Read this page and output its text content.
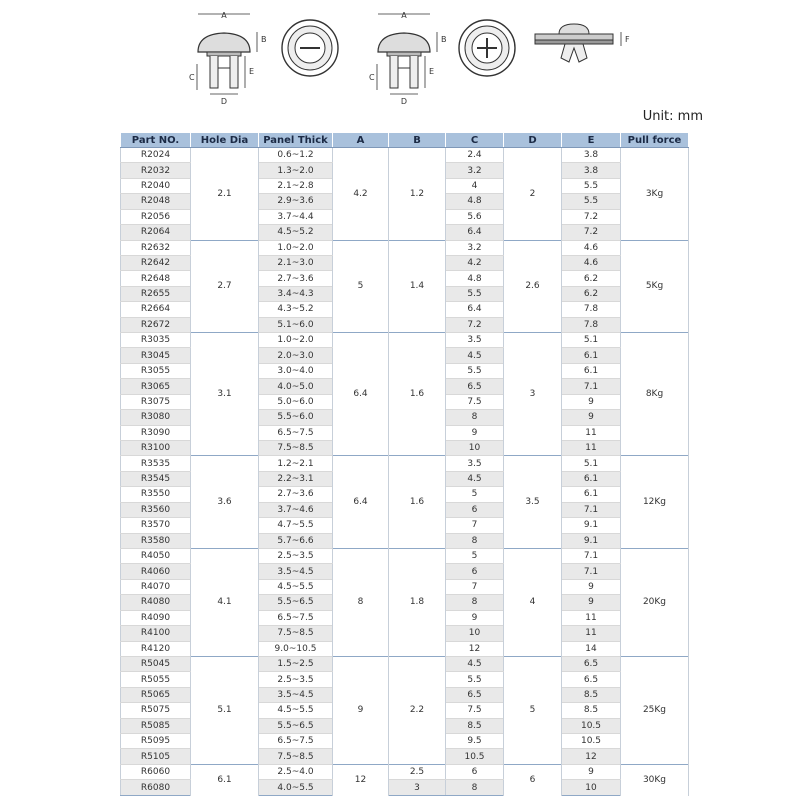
A
B
E
C
D
A
B
E
C
D
F
Unit: mm
Part NO.	Hole Dia	Panel Thick	A	B	C	D	E	Pull force
R2024	2.1	0.6~1.2	4.2	1.2	2.4	2	3.8	3Kg
R2032		1.3~2.0			3.2		3.8	
R2040		2.1~2.8			4		5.5	
R2048		2.9~3.6			4.8		5.5	
R2056		3.7~4.4			5.6		7.2	
R2064		4.5~5.2			6.4		7.2	
R2632	2.7	1.0~2.0	5	1.4	3.2	2.6	4.6	5Kg
R2642		2.1~3.0			4.2		4.6	
R2648		2.7~3.6			4.8		6.2	
R2655		3.4~4.3			5.5		6.2	
R2664		4.3~5.2			6.4		7.8	
R2672		5.1~6.0			7.2		7.8	
R3035	3.1	1.0~2.0	6.4	1.6	3.5	3	5.1	8Kg
R3045		2.0~3.0			4.5		6.1	
R3055		3.0~4.0			5.5		6.1	
R3065		4.0~5.0			6.5		7.1	
R3075		5.0~6.0			7.5		9	
R3080		5.5~6.0			8		9	
R3090		6.5~7.5			9		11	
R3100		7.5~8.5			10		11	
R3535	3.6	1.2~2.1	6.4	1.6	3.5	3.5	5.1	12Kg
R3545		2.2~3.1			4.5		6.1	
R3550		2.7~3.6			5		6.1	
R3560		3.7~4.6			6		7.1	
R3570		4.7~5.5			7		9.1	
R3580		5.7~6.6			8		9.1	
R4050	4.1	2.5~3.5	8	1.8	5	4	7.1	20Kg
R4060		3.5~4.5			6		7.1	
R4070		4.5~5.5			7		9	
R4080		5.5~6.5			8		9	
R4090		6.5~7.5			9		11	
R4100		7.5~8.5			10		11	
R4120		9.0~10.5			12		14	
R5045	5.1	1.5~2.5	9	2.2	4.5	5	6.5	25Kg
R5055		2.5~3.5			5.5		6.5	
R5065		3.5~4.5			6.5		8.5	
R5075		4.5~5.5			7.5		8.5	
R5085		5.5~6.5			8.5		10.5	
R5095		6.5~7.5			9.5		10.5	
R5105		7.5~8.5			10.5		12	
R6060	6.1	2.5~4.0	12	2.5	6	6	9	30Kg
R6080		4.0~5.5		3	8		10	
